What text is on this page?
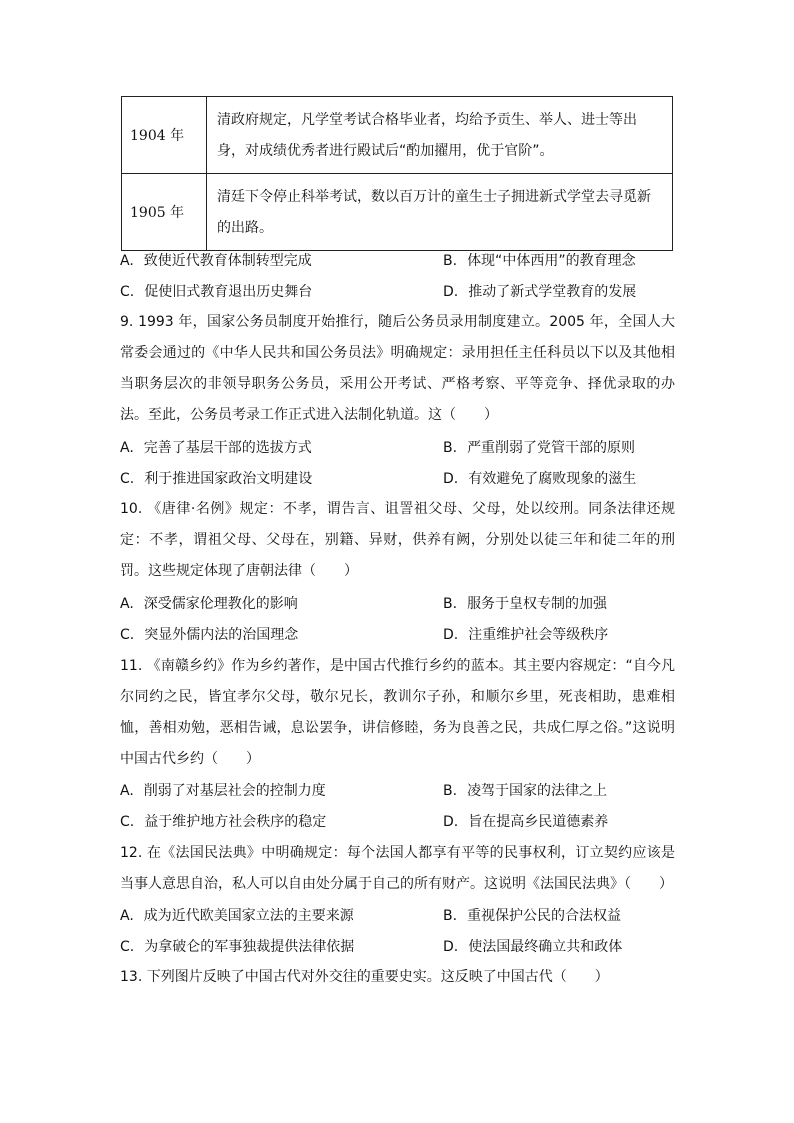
1904 年	清政府规定，凡学堂考试合格毕业者，均给予贡生、举人、进士等出身，对成绩优秀者进行殿试后“酌加擢用，优于官阶”。
1905 年	清廷下令停止科举考试，数以百万计的童生士子拥进新式学堂去寻觅新的出路。
A. 致使近代教育体制转型完成	B. 体现“中体西用”的教育理念
C. 促使旧式教育退出历史舞台	D. 推动了新式学堂教育的发展
9. 1993 年，国家公务员制度开始推行，随后公务员录用制度建立。2005 年，全国人大常委会通过的《中华人民共和国公务员法》明确规定：录用担任主任科员以下以及其他相当职务层次的非领导职务公务员，采用公开考试、严格考察、平等竞争、择优录取的办法。至此，公务员考录工作正式进入法制化轨道。这（　　）
A. 完善了基层干部的选拔方式	B. 严重削弱了党管干部的原则
C. 利于推进国家政治文明建设	D. 有效避免了腐败现象的滋生
10. 《唐律·名例》规定：不孝，谓告言、诅詈祖父母、父母，处以绞刑。同条法律还规定：不孝，谓祖父母、父母在，别籍、异财，供养有阙，分别处以徒三年和徒二年的刑罚。这些规定体现了唐朝法律（　　）
A. 深受儒家伦理教化的影响	B. 服务于皇权专制的加强
C. 突显外儒内法的治国理念	D. 注重维护社会等级秩序
11. 《南赣乡约》作为乡约著作，是中国古代推行乡约的蓝本。其主要内容规定：“自今凡尔同约之民，皆宜孝尔父母，敬尔兄长，教训尔子孙，和顺尔乡里，死丧相助，患难相恤，善相劝勉，恶相告诫，息讼罢争，讲信修睦，务为良善之民，共成仁厚之俗。”这说明中国古代乡约（　　）
A. 削弱了对基层社会的控制力度	B. 凌驾于国家的法律之上
C. 益于维护地方社会秩序的稳定	D. 旨在提高乡民道德素养
12. 在《法国民法典》中明确规定：每个法国人都享有平等的民事权利，订立契约应该是当事人意思自治，私人可以自由处分属于自己的所有财产。这说明《法国民法典》（　　）
A. 成为近代欧美国家立法的主要来源	B. 重视保护公民的合法权益
C. 为拿破仑的军事独裁提供法律依据	D. 使法国最终确立共和政体
13. 下列图片反映了中国古代对外交往的重要史实。这反映了中国古代（　　）
